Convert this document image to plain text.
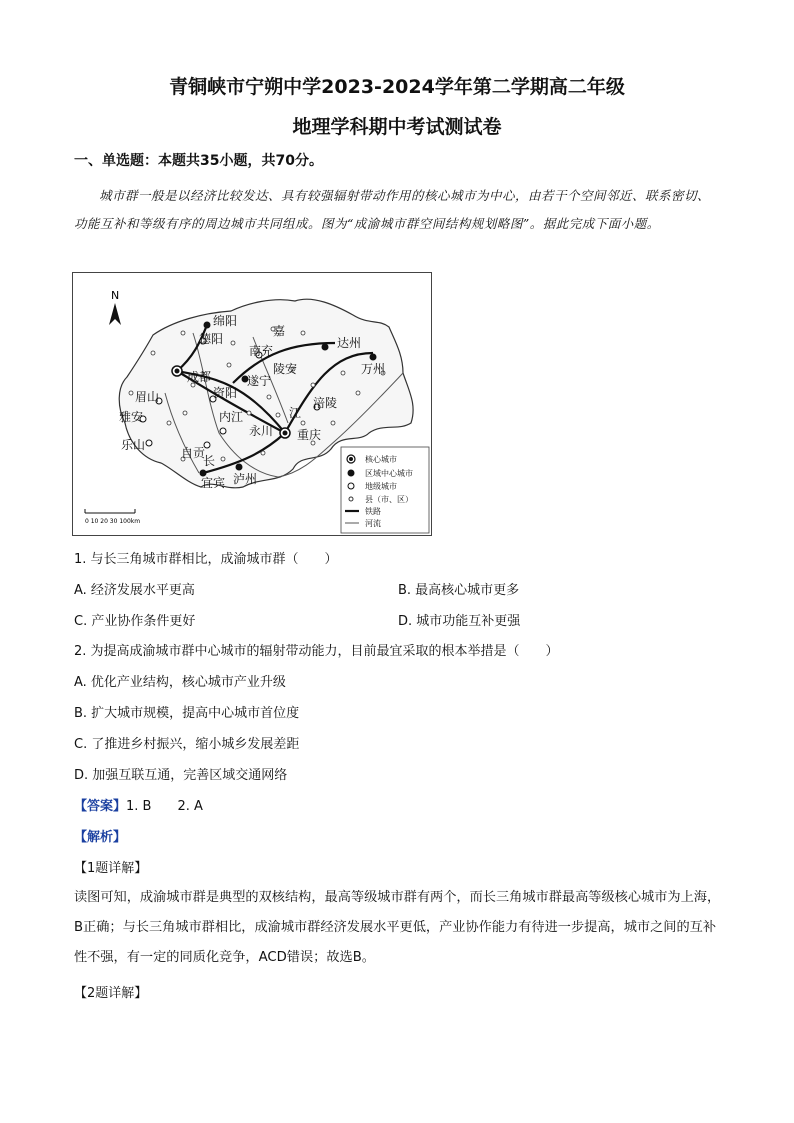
青铜峡市宁朔中学2023-2024学年第二学期高二年级
地理学科期中考试测试卷
一、单选题：本题共35小题，共70分。
城市群一般是以经济比较发达、具有较强辐射带动作用的核心城市为中心，由若干个空间邻近、联系密切、功能互补和等级有序的周边城市共同组成。图为“成渝城市群空间结构规划略图”。据此完成下面小题。
N
绵阳
德阳
成都
资阳
眉山
雅安
乐山
自贡
宜宾 泸州
内江
永川 重庆
涪陵
南充
遂宁
达州
万州
嘉
陵
江
长
安
0 10 20 30 100km
核心城市
区域中心城市
地级城市
县（市、区）
铁路
河流
1. 与长三角城市群相比，成渝城市群（　　）
A. 经济发展水平更高	B. 最高核心城市更多
C. 产业协作条件更好	D. 城市功能互补更强
2. 为提高成渝城市群中心城市的辐射带动能力，目前最宜采取的根本举措是（　　）
A. 优化产业结构，核心城市产业升级
B. 扩大城市规模，提高中心城市首位度
C. 了推进乡村振兴，缩小城乡发展差距
D. 加强互联互通，完善区域交通网络
【答案】1. B　　2. A
【解析】
【1题详解】
读图可知，成渝城市群是典型的双核结构，最高等级城市群有两个，而长三角城市群最高等级核心城市为上海，B正确；与长三角城市群相比，成渝城市群经济发展水平更低，产业协作能力有待进一步提高，城市之间的互补性不强，有一定的同质化竞争，ACD错误；故选B。
【2题详解】
